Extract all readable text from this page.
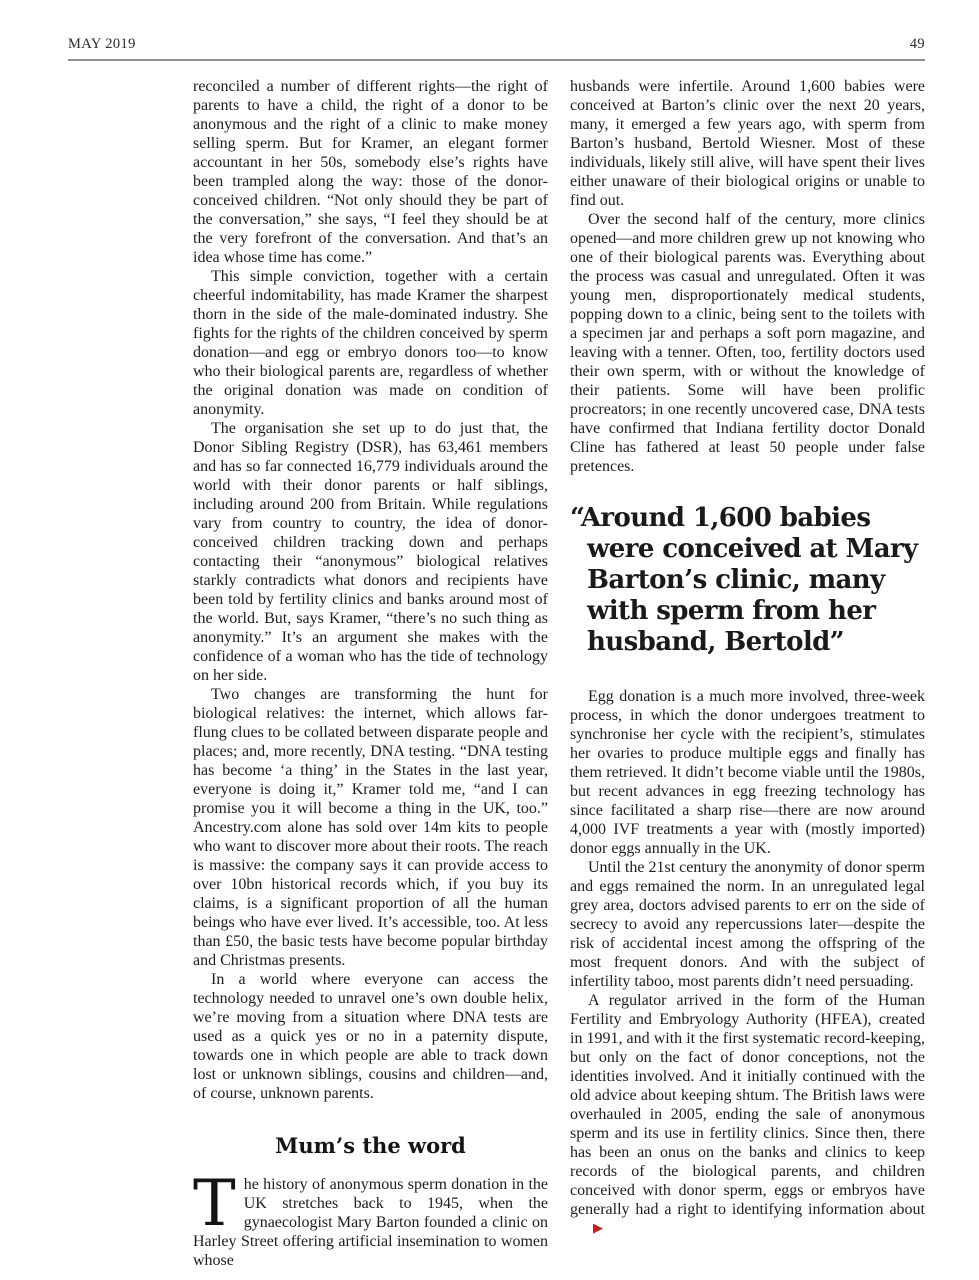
MAY 2019	49

reconciled a number of different rights—the right of parents to have a child, the right of a donor to be anonymous and the right of a clinic to make money selling sperm. But for Kramer, an elegant former accountant in her 50s, somebody else’s rights have been trampled along the way: those of the donor-conceived children. “Not only should they be part of the conversation,” she says, “I feel they should be at the very forefront of the conversation. And that’s an idea whose time has come.”

This simple conviction, together with a certain cheerful indomitability, has made Kramer the sharpest thorn in the side of the male-dominated industry. She fights for the rights of the children conceived by sperm donation—and egg or embryo donors too—to know who their biological parents are, regardless of whether the original donation was made on condition of anonymity.

The organisation she set up to do just that, the Donor Sibling Registry (DSR), has 63,461 members and has so far connected 16,779 individuals around the world with their donor parents or half siblings, including around 200 from Britain. While regulations vary from country to country, the idea of donor-conceived children tracking down and perhaps contacting their “anonymous” biological relatives starkly contradicts what donors and recipients have been told by fertility clinics and banks around most of the world. But, says Kramer, “there’s no such thing as anonymity.” It’s an argument she makes with the confidence of a woman who has the tide of technology on her side.

Two changes are transforming the hunt for biological relatives: the internet, which allows far-flung clues to be collated between disparate people and places; and, more recently, DNA testing. “DNA testing has become ‘a thing’ in the States in the last year, everyone is doing it,” Kramer told me, “and I can promise you it will become a thing in the UK, too.” Ancestry.com alone has sold over 14m kits to people who want to discover more about their roots. The reach is massive: the company says it can provide access to over 10bn historical records which, if you buy its claims, is a significant proportion of all the human beings who have ever lived. It’s accessible, too. At less than £50, the basic tests have become popular birthday and Christmas presents.

In a world where everyone can access the technology needed to unravel one’s own double helix, we’re moving from a situation where DNA tests are used as a quick yes or no in a paternity dispute, towards one in which people are able to track down lost or unknown siblings, cousins and children—and, of course, unknown parents.

Mum’s the word

The history of anonymous sperm donation in the UK stretches back to 1945, when the gynaecologist Mary Barton founded a clinic on Harley Street offering artificial insemination to women whose

husbands were infertile. Around 1,600 babies were conceived at Barton’s clinic over the next 20 years, many, it emerged a few years ago, with sperm from Barton’s husband, Bertold Wiesner. Most of these individuals, likely still alive, will have spent their lives either unaware of their biological origins or unable to find out.

Over the second half of the century, more clinics opened—and more children grew up not knowing who one of their biological parents was. Everything about the process was casual and unregulated. Often it was young men, disproportionately medical students, popping down to a clinic, being sent to the toilets with a specimen jar and perhaps a soft porn magazine, and leaving with a tenner. Often, too, fertility doctors used their own sperm, with or without the knowledge of their patients. Some will have been prolific procreators; in one recently uncovered case, DNA tests have confirmed that Indiana fertility doctor Donald Cline has fathered at least 50 people under false pretences.

“Around 1,600 babies were conceived at Mary Barton’s clinic, many with sperm from her husband, Bertold”

Egg donation is a much more involved, three-week process, in which the donor undergoes treatment to synchronise her cycle with the recipient’s, stimulates her ovaries to produce multiple eggs and finally has them retrieved. It didn’t become viable until the 1980s, but recent advances in egg freezing technology has since facilitated a sharp rise—there are now around 4,000 IVF treatments a year with (mostly imported) donor eggs annually in the UK.

Until the 21st century the anonymity of donor sperm and eggs remained the norm. In an unregulated legal grey area, doctors advised parents to err on the side of secrecy to avoid any repercussions later—despite the risk of accidental incest among the offspring of the most frequent donors. And with the subject of infertility taboo, most parents didn’t need persuading.

A regulator arrived in the form of the Human Fertility and Embryology Authority (HFEA), created in 1991, and with it the first systematic record-keeping, but only on the fact of donor conceptions, not the identities involved. And it initially continued with the old advice about keeping shtum. The British laws were overhauled in 2005, ending the sale of anonymous sperm and its use in fertility clinics. Since then, there has been an onus on the banks and clinics to keep records of the biological parents, and children conceived with donor sperm, eggs or embryos have generally had a right to identifying information about▶
